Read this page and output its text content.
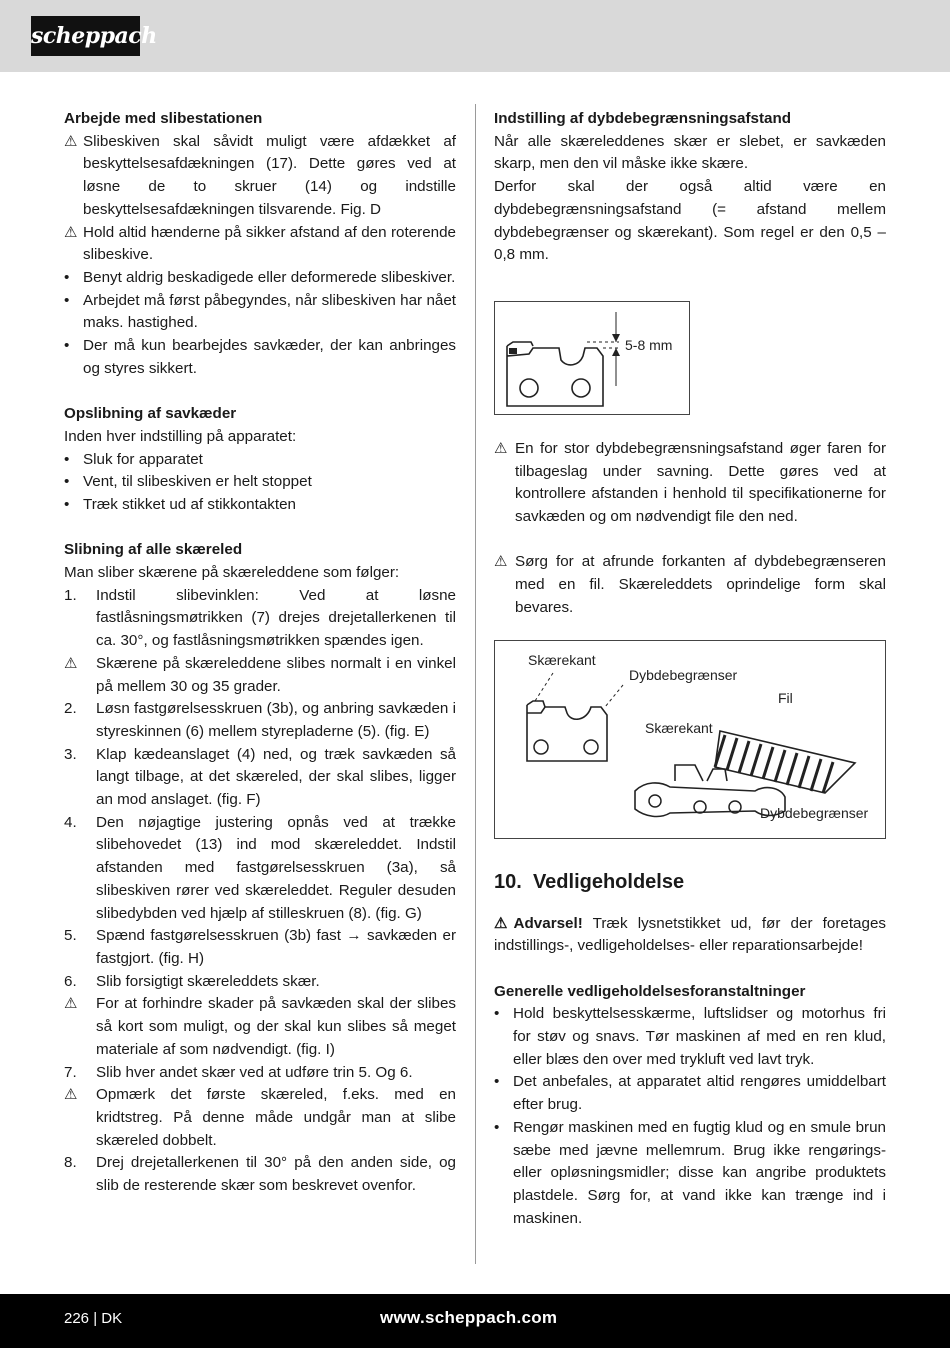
scheppach

Arbejde med slibestationen

⚠ Slibeskiven skal såvidt muligt være afdækket af beskyttelsesafdækningen (17). Dette gøres ved at løsne de to skruer (14) og indstille beskyttelsesafdækningen tilsvarende. Fig. D
⚠ Hold altid hænderne på sikker afstand af den roterende slibeskive.
• Benyt aldrig beskadigede eller deformerede slibeskiver.
• Arbejdet må først påbegyndes, når slibeskiven har nået maks. hastighed.
• Der må kun bearbejdes savkæder, der kan anbringes og styres sikkert.

Opslibning af savkæder

Inden hver indstilling på apparatet:

• Sluk for apparatet
• Vent, til slibeskiven er helt stoppet
• Træk stikket ud af stikkontakten

Slibning af alle skæreled

Man sliber skærene på skæreleddene som følger:

1. Indstil slibevinklen: Ved at løsne fastlåsningsmøtrikken (7) drejes drejetallerkenen til ca. 30°, og fastlåsningsmøtrikken spændes igen.
⚠ Skærene på skæreleddene slibes normalt i en vinkel på mellem 30 og 35 grader.
2. Løsn fastgørelsesskruen (3b), og anbring savkæden i styreskinnen (6) mellem styrepladerne (5). (fig. E)
3. Klap kædeanslaget (4) ned, og træk savkæden så langt tilbage, at det skæreled, der skal slibes, ligger an mod anslaget. (fig. F)
4. Den nøjagtige justering opnås ved at trække slibehovedet (13) ind mod skæreleddet. Indstil afstanden med fastgørelsesskruen (3a), så slibeskiven rører ved skæreleddet. Reguler desuden slibedybden ved hjælp af stilleskruen (8). (fig. G)
5. Spænd fastgørelsesskruen (3b) fast → savkæden er fastgjort. (fig. H)
6. Slib forsigtigt skæreleddets skær.
⚠ For at forhindre skader på savkæden skal der slibes så kort som muligt, og der skal kun slibes så meget materiale af som nødvendigt. (fig. I)
7. Slib hver andet skær ved at udføre trin 5. Og 6.
⚠ Opmærk det første skæreled, f.eks. med en kridtstreg. På denne måde undgår man at slibe skæreled dobbelt.
8. Drej drejetallerkenen til 30° på den anden side, og slib de resterende skær som beskrevet ovenfor.

Indstilling af dybdebegrænsningsafstand

Når alle skæreleddenes skær er slebet, er savkæden skarp, men den vil måske ikke skære.

Derfor skal der også altid være en dybdebegrænsningsafstand (= afstand mellem dybdebegrænser og skærekant). Som regel er den 0,5 – 0,8 mm.

5-8 mm
⚠ En for stor dybdebegrænsningsafstand øger faren for tilbageslag under savning. Dette gøres ved at kontrollere afstanden i henhold til specifikationerne for savkæden og om nødvendigt file den ned.
⚠ Sørg for at afrunde forkanten af dybdebegrænseren med en fil. Skæreleddets oprindelige form skal bevares.
Skærekant
Dybdebegrænser
Fil
Skærekant
Dybdebegrænser

10. Vedligeholdelse

⚠Advarsel! Træk lysnetstikket ud, før der foretages indstillings-, vedligeholdelses- eller reparationsarbejde!

Generelle vedligeholdelsesforanstaltninger

• Hold beskyttelsesskærme, luftslidser og motorhus fri for støv og snavs. Tør maskinen af med en ren klud, eller blæs den over med trykluft ved lavt tryk.
• Det anbefales, at apparatet altid rengøres umiddelbart efter brug.
• Rengør maskinen med en fugtig klud og en smule brun sæbe med jævne mellemrum. Brug ikke rengørings- eller opløsningsmidler; disse kan angribe produktets plastdele. Sørg for, at vand ikke kan trænge ind i maskinen.
226 | DK	www.scheppach.com
